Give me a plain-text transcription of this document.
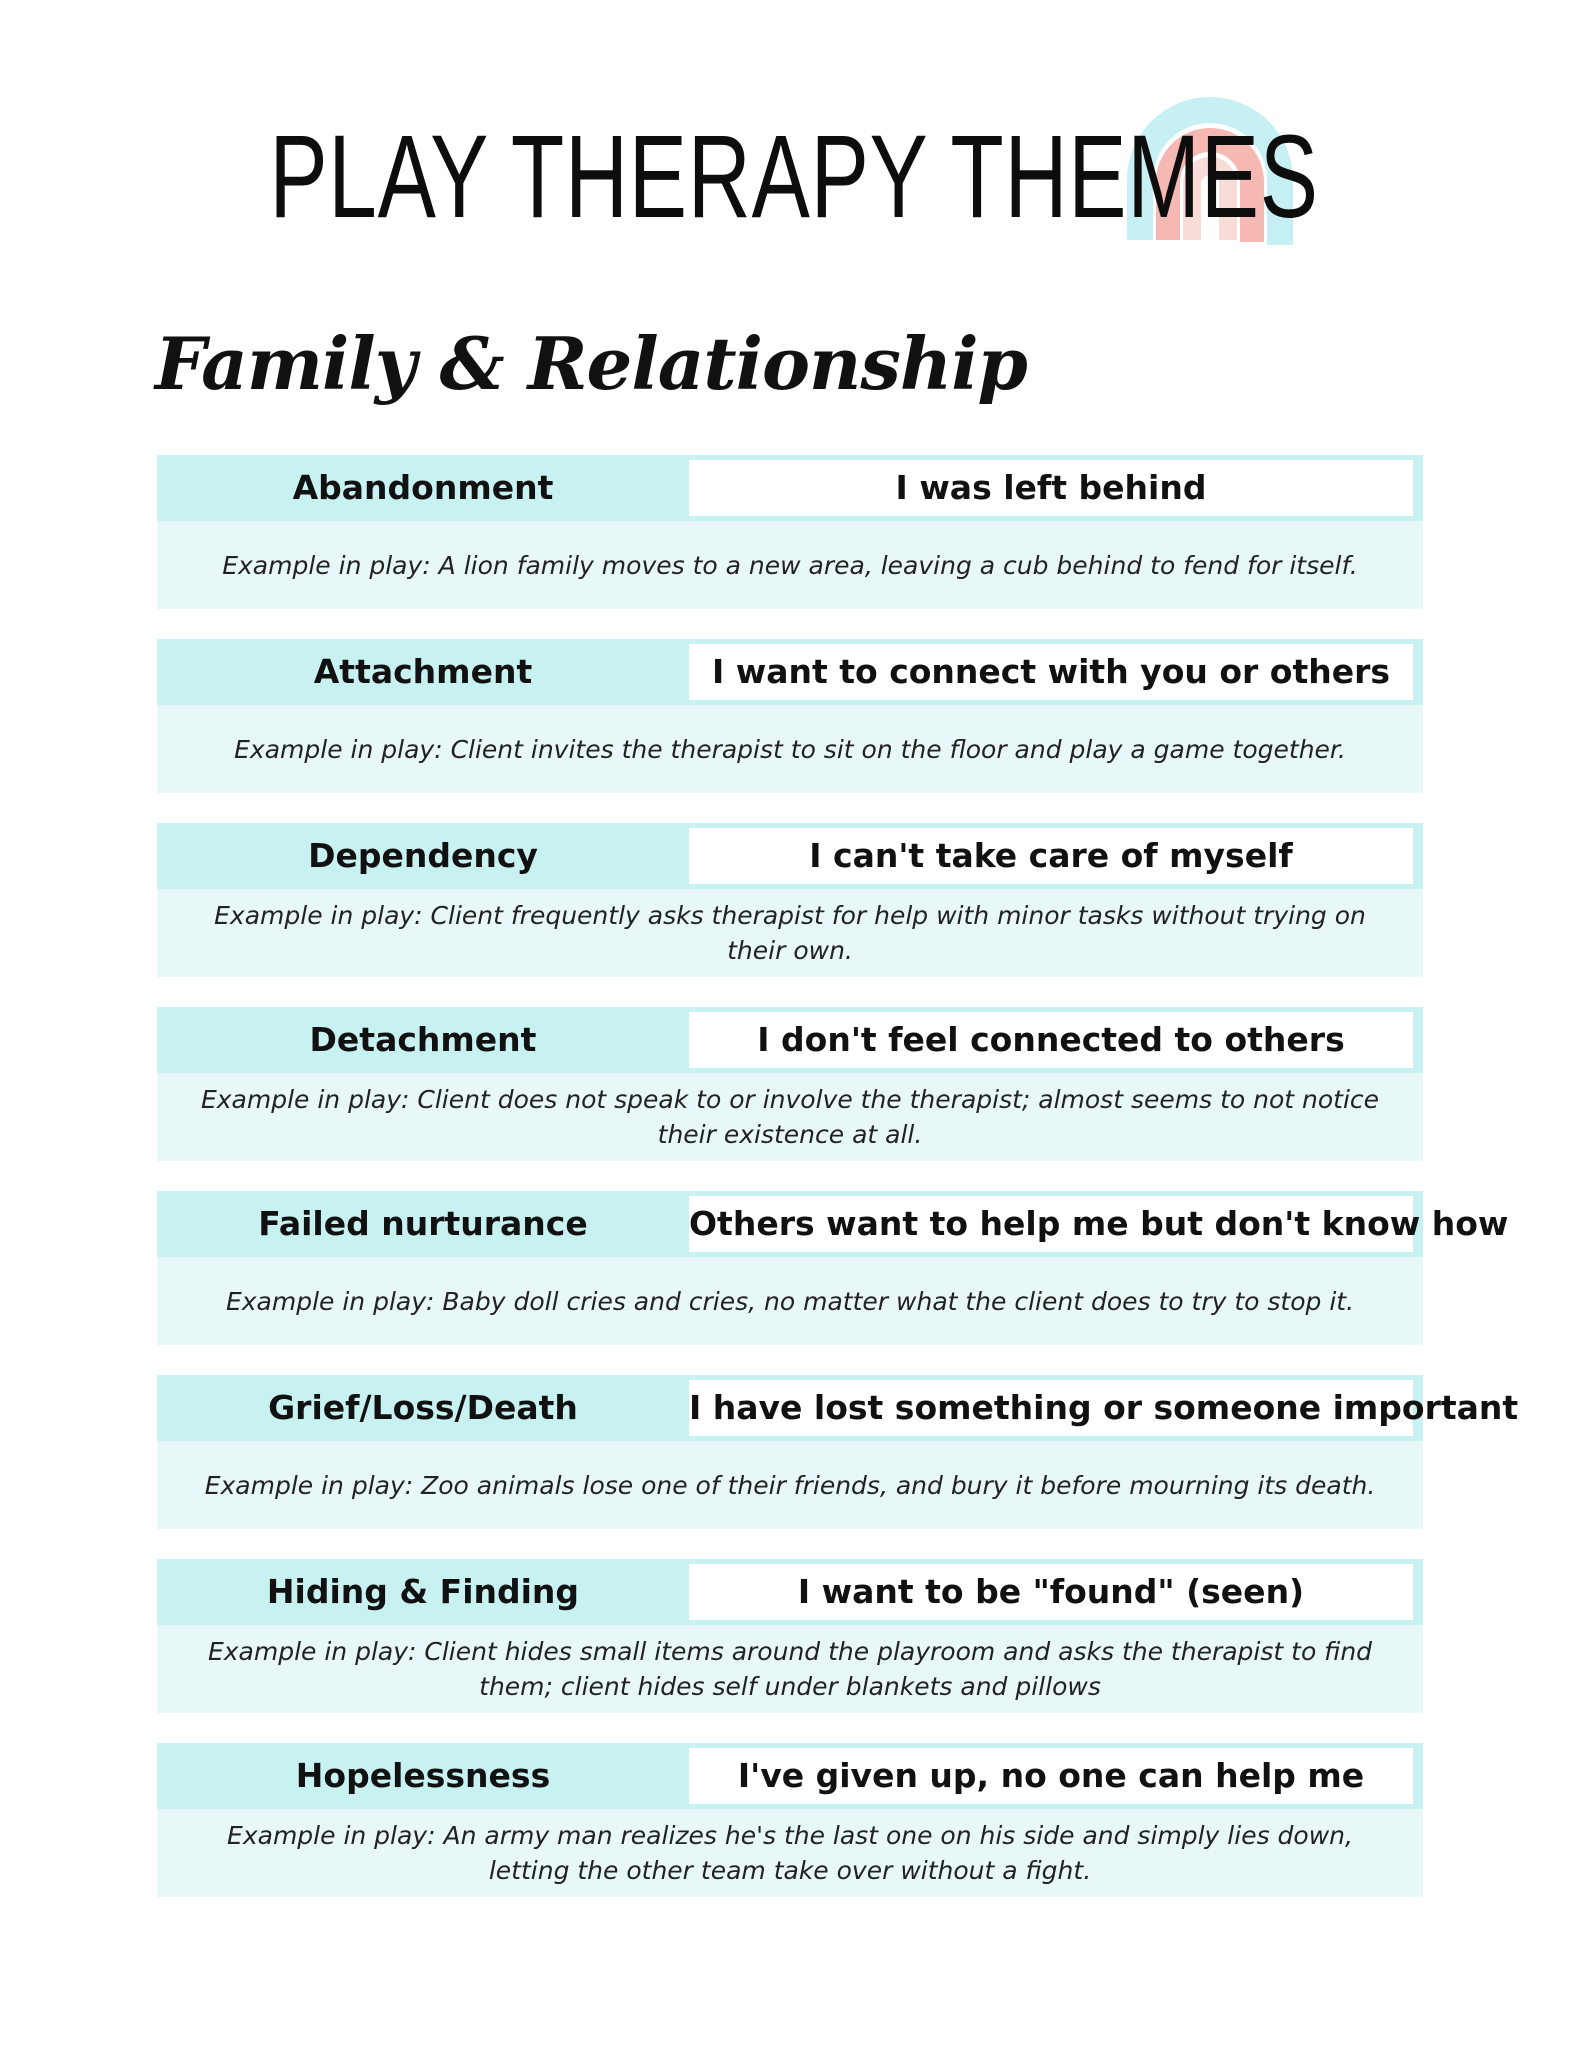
PLAY THERAPY THEMES
Family & Relationship
Abandonment	I was left behind

Example in play: A lion family moves to a new area, leaving a cub behind to fend for itself.

Attachment	I want to connect with you or others

Example in play: Client invites the therapist to sit on the floor and play a game together.

Dependency	I can't take care of myself

Example in play: Client frequently asks therapist for help with minor tasks without trying on their own.

Detachment	I don't feel connected to others

Example in play: Client does not speak to or involve the therapist; almost seems to not notice their existence at all.

Failed nurturance	Others want to help me but don't know how

Example in play: Baby doll cries and cries, no matter what the client does to try to stop it.

Grief/Loss/Death	I have lost something or someone important

Example in play: Zoo animals lose one of their friends, and bury it before mourning its death.

Hiding & Finding	I want to be "found" (seen)

Example in play: Client hides small items around the playroom and asks the therapist to find them; client hides self under blankets and pillows

Hopelessness	I've given up, no one can help me

Example in play: An army man realizes he's the last one on his side and simply lies down, letting the other team take over without a fight.
